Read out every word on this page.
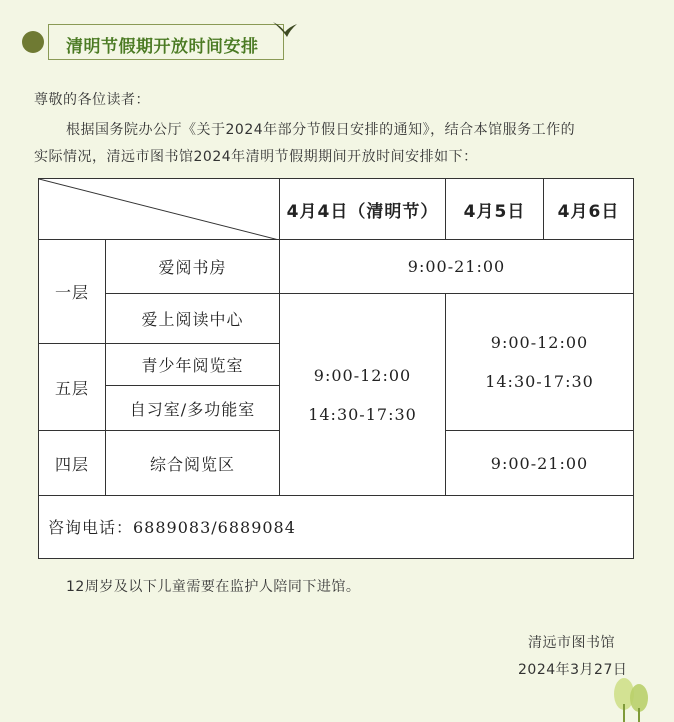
清明节假期开放时间安排
尊敬的各位读者：
根据国务院办公厅《关于2024年部分节假日安排的通知》，结合本馆服务工作的
实际情况，清远市图书馆2024年清明节假期期间开放时间安排如下：
4月4日（清明节）	4月5日	4月6日
一层
五层
四层
爱阅书房
爱上阅读中心
青少年阅览室
自习室/多功能室
综合阅览区
9:00-21:00
9:00-12:00
14:30-17:30
9:00-12:00
14:30-17:30
9:00-21:00
咨询电话：6889083/6889084
12周岁及以下儿童需要在监护人陪同下进馆。
清远市图书馆
2024年3月27日
